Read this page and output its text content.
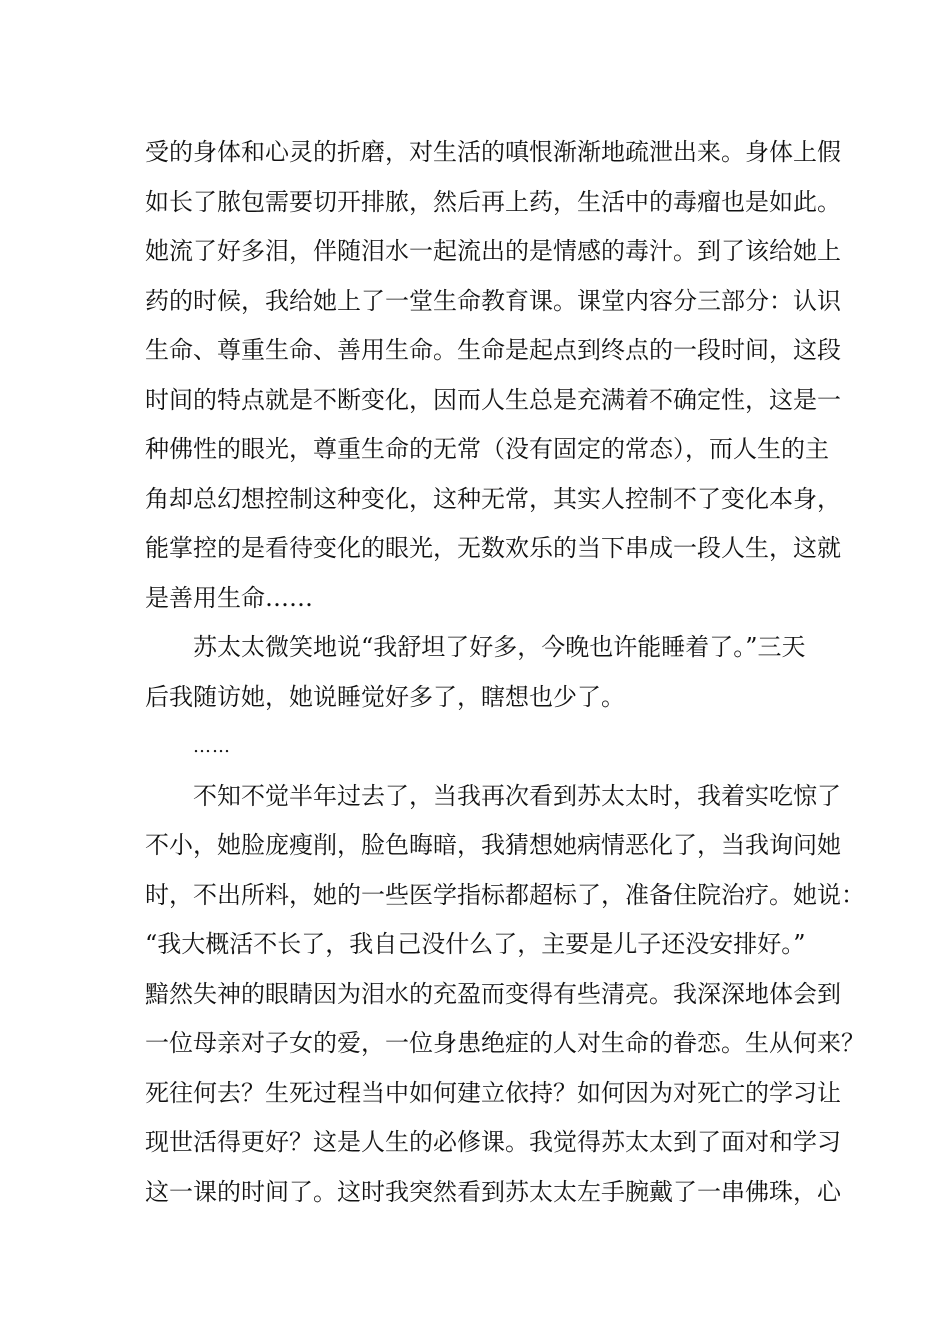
受的身体和心灵的折磨，对生活的嗔恨渐渐地疏泄出来。身体上假
如长了脓包需要切开排脓，然后再上药，生活中的毒瘤也是如此。
她流了好多泪，伴随泪水一起流出的是情感的毒汁。到了该给她上
药的时候，我给她上了一堂生命教育课。课堂内容分三部分：认识
生命、尊重生命、善用生命。生命是起点到终点的一段时间，这段
时间的特点就是不断变化，因而人生总是充满着不确定性，这是一
种佛性的眼光，尊重生命的无常（没有固定的常态），而人生的主
角却总幻想控制这种变化，这种无常，其实人控制不了变化本身，
能掌控的是看待变化的眼光，无数欢乐的当下串成一段人生，这就
是善用生命……
苏太太微笑地说“我舒坦了好多，今晚也许能睡着了。”三天
后我随访她，她说睡觉好多了，瞎想也少了。
……
不知不觉半年过去了，当我再次看到苏太太时，我着实吃惊了
不小，她脸庞瘦削，脸色晦暗，我猜想她病情恶化了，当我询问她
时，不出所料，她的一些医学指标都超标了，准备住院治疗。她说：
“我大概活不长了，我自己没什么了，主要是儿子还没安排好。”
黯然失神的眼睛因为泪水的充盈而变得有些清亮。我深深地体会到
一位母亲对子女的爱，一位身患绝症的人对生命的眷恋。生从何来？
死往何去？生死过程当中如何建立依持？如何因为对死亡的学习让
现世活得更好？这是人生的必修课。我觉得苏太太到了面对和学习
这一课的时间了。这时我突然看到苏太太左手腕戴了一串佛珠，心
